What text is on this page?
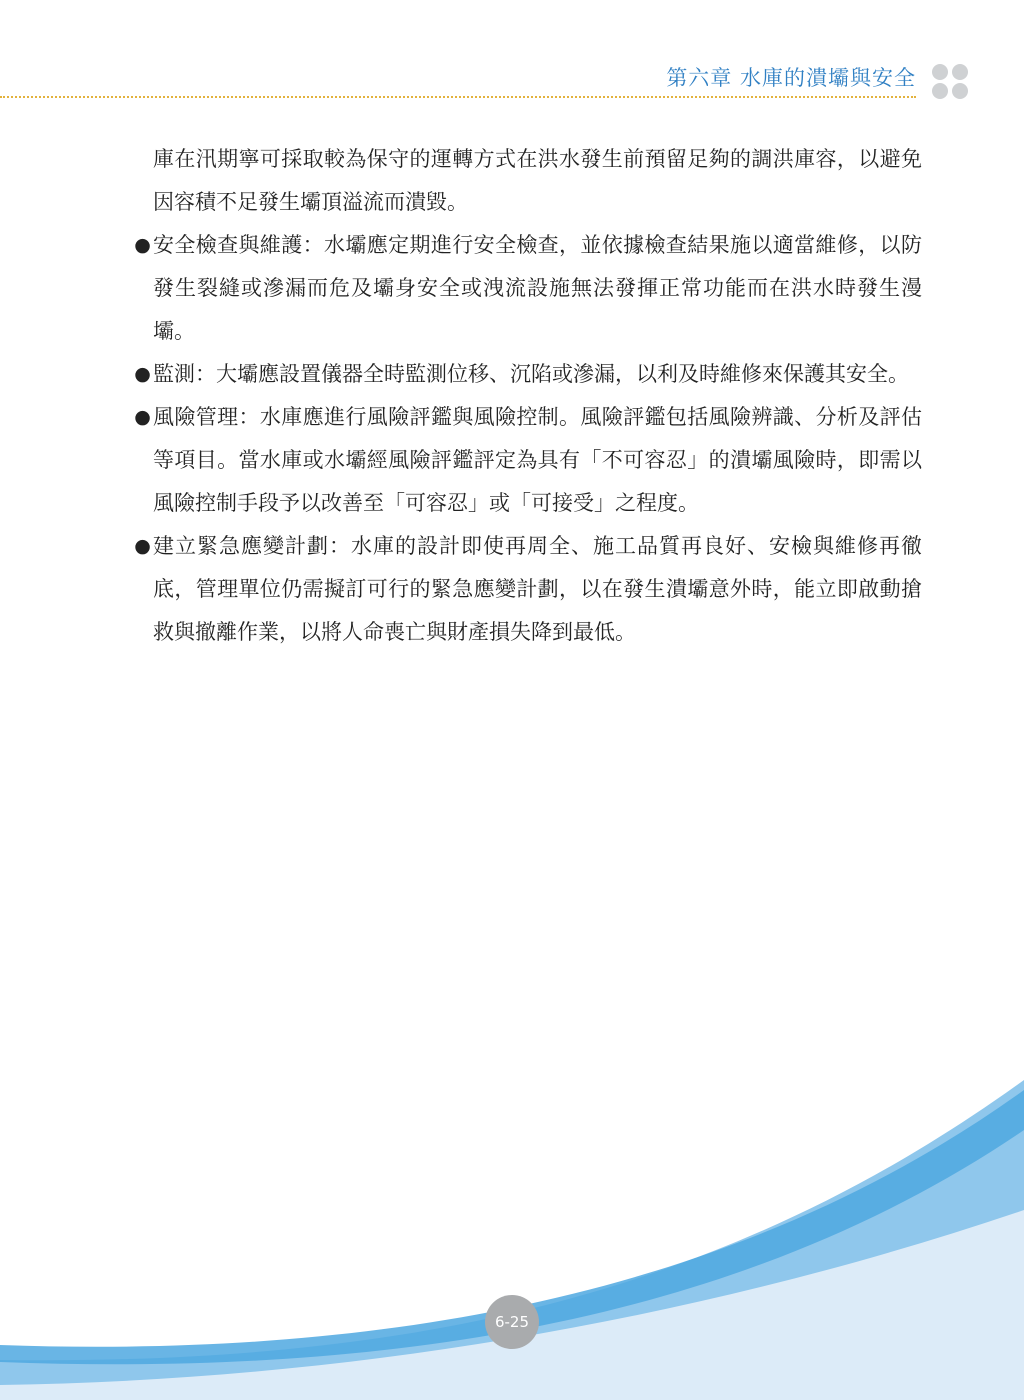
第六章 水庫的潰壩與安全
庫在汛期寧可採取較為保守的運轉方式在洪水發生前預留足夠的調洪庫容，以避免因容積不足發生壩頂溢流而潰毀。
● 安全檢查與維護：水壩應定期進行安全檢查，並依據檢查結果施以適當維修，以防發生裂縫或滲漏而危及壩身安全或洩流設施無法發揮正常功能而在洪水時發生漫壩。
● 監測：大壩應設置儀器全時監測位移、沉陷或滲漏，以利及時維修來保護其安全。
● 風險管理：水庫應進行風險評鑑與風險控制。風險評鑑包括風險辨識、分析及評估等項目。當水庫或水壩經風險評鑑評定為具有「不可容忍」的潰壩風險時，即需以風險控制手段予以改善至「可容忍」或「可接受」之程度。
● 建立緊急應變計劃：水庫的設計即使再周全、施工品質再良好、安檢與維修再徹底，管理單位仍需擬訂可行的緊急應變計劃，以在發生潰壩意外時，能立即啟動搶救與撤離作業，以將人命喪亡與財產損失降到最低。
6-25
